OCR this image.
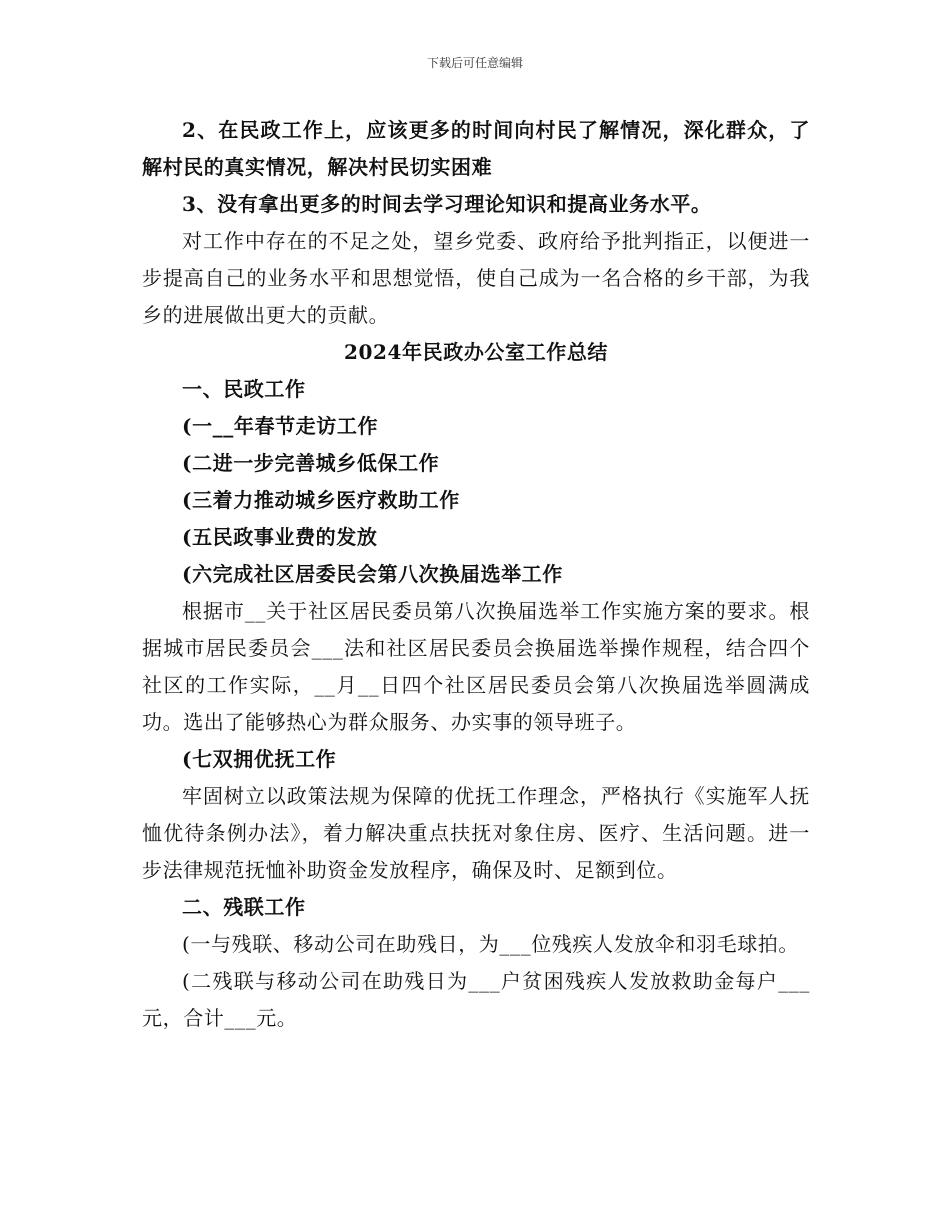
下载后可任意编辑

2、在民政工作上，应该更多的时间向村民了解情况，深化群众，了解村民的真实情况，解决村民切实困难

3、没有拿出更多的时间去学习理论知识和提高业务水平。

对工作中存在的不足之处，望乡党委、政府给予批判指正，以便进一步提高自己的业务水平和思想觉悟，使自己成为一名合格的乡干部，为我乡的进展做出更大的贡献。

2024年民政办公室工作总结

一、民政工作

(一__年春节走访工作

(二进一步完善城乡低保工作

(三着力推动城乡医疗救助工作

(五民政事业费的发放

(六完成社区居委民会第八次换届选举工作

根据市__关于社区居民委员第八次换届选举工作实施方案的要求。根据城市居民委员会___法和社区居民委员会换届选举操作规程，结合四个社区的工作实际，__月__日四个社区居民委员会第八次换届选举圆满成功。选出了能够热心为群众服务、办实事的领导班子。

(七双拥优抚工作

牢固树立以政策法规为保障的优抚工作理念，严格执行《实施军人抚恤优待条例办法》，着力解决重点扶抚对象住房、医疗、生活问题。进一步法律规范抚恤补助资金发放程序，确保及时、足额到位。

二、残联工作

(一与残联、移动公司在助残日，为___位残疾人发放伞和羽毛球拍。

(二残联与移动公司在助残日为___户贫困残疾人发放救助金每户___元，合计___元。
